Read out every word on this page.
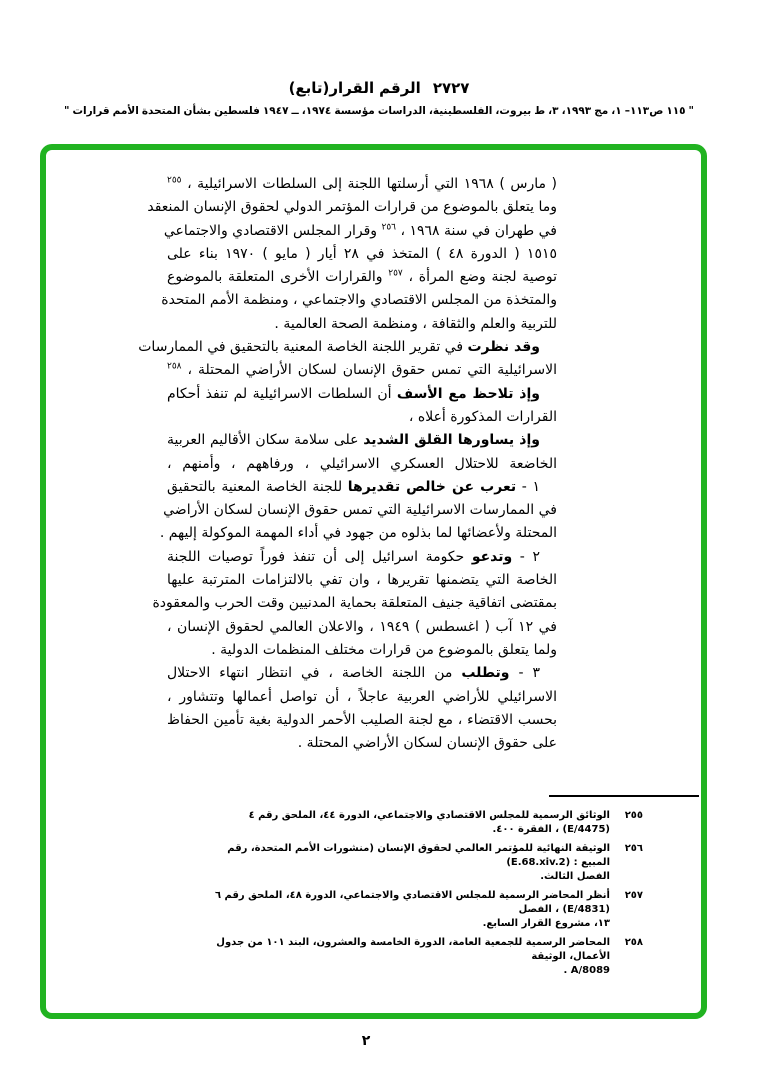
(تابع) القرار الرقم ٢٧٢٧
" قرارات الأمم المتحدة بشأن فلسطين ١٩٤٧ ــ ١٩٧٤، مؤسسة الدراسات الفلسطينية، بيروت، ط ٣، ١٩٩٣، مج ١، ص١١٣– ١١٥ "
( مارس ) ١٩٦٨ التي أرسلتها اللجنة إلى السلطات الاسرائيلية ، $^{٢٥٥}$
وما يتعلق بالموضوع من قرارات المؤتمر الدولي لحقوق الإنسان المنعقد
في طهران في سنة ١٩٦٨ ، $^{٢٥٦}$ وقرار المجلس الاقتصادي والاجتماعي
١٥١٥ ( الدورة ٤٨ ) المتخذ في ٢٨ أيار ( مايو ) ١٩٧٠ بناء على
توصية لجنة وضع المرأة ، $^{٢٥٧}$ والقرارات الأخرى المتعلقة بالموضوع
والمتخذة من المجلس الاقتصادي والاجتماعي ، ومنظمة الأمم المتحدة
للتربية والعلم والثقافة ، ومنظمة الصحة العالمية .
وقد نظرت في تقرير اللجنة الخاصة المعنية بالتحقيق في الممارسات
الاسرائيلية التي تمس حقوق الإنسان لسكان الأراضي المحتلة ، $^{٢٥٨}$
وإذ تلاحظ مع الأسف أن السلطات الاسرائيلية لم تنفذ أحكام
القرارات المذكورة أعلاه ،
وإذ يساورها القلق الشديد على سلامة سكان الأقاليم العربية
الخاضعة للاحتلال العسكري الاسرائيلي ، ورفاههم ، وأمنهم ،
١ - تعرب عن خالص تقديرها للجنة الخاصة المعنية بالتحقيق
في الممارسات الاسرائيلية التي تمس حقوق الإنسان لسكان الأراضي
المحتلة ولأعضائها لما بذلوه من جهود في أداء المهمة الموكولة إليهم .
٢ - وتدعو حكومة اسرائيل إلى أن تنفذ فوراً توصيات اللجنة
الخاصة التي يتضمنها تقريرها ، وان تفي بالالتزامات المترتبة عليها
بمقتضى اتفاقية جنيف المتعلقة بحماية المدنيين وقت الحرب والمعقودة
في ١٢ آب ( اغسطس ) ١٩٤٩ ، والاعلان العالمي لحقوق الإنسان ،
ولما يتعلق بالموضوع من قرارات مختلف المنظمات الدولية .
٣ - وتطلب من اللجنة الخاصة ، في انتظار انتهاء الاحتلال
الاسرائيلي للأراضي العربية عاجلاً ، أن تواصل أعمالها وتتشاور ،
بحسب الاقتضاء ، مع لجنة الصليب الأحمر الدولية بغية تأمين الحفاظ
على حقوق الإنسان لسكان الأراضي المحتلة .
٢٥٥
الوثائق الرسمية للمجلس الاقتصادي والاجتماعي، الدورة ٤٤، الملحق رقم ٤ (E/4475) ، الفقرة ٤٠٠.
٢٥٦
الوثيقة النهائية للمؤتمر العالمي لحقوق الإنسان (منشورات الأمم المتحدة، رقم المبيع : (E.68.xiv.2)
الفصل الثالث.
٢٥٧
أنظر المحاضر الرسمية للمجلس الاقتصادي والاجتماعي، الدورة ٤٨، الملحق رقم ٦ (E/4831) ، الفصل
١٣، مشروع القرار السابع.
٢٥٨
المحاضر الرسمية للجمعية العامة، الدورة الخامسة والعشرون، البند ١٠١ من جدول الأعمال، الوثيقة
A/8089 .
٢
